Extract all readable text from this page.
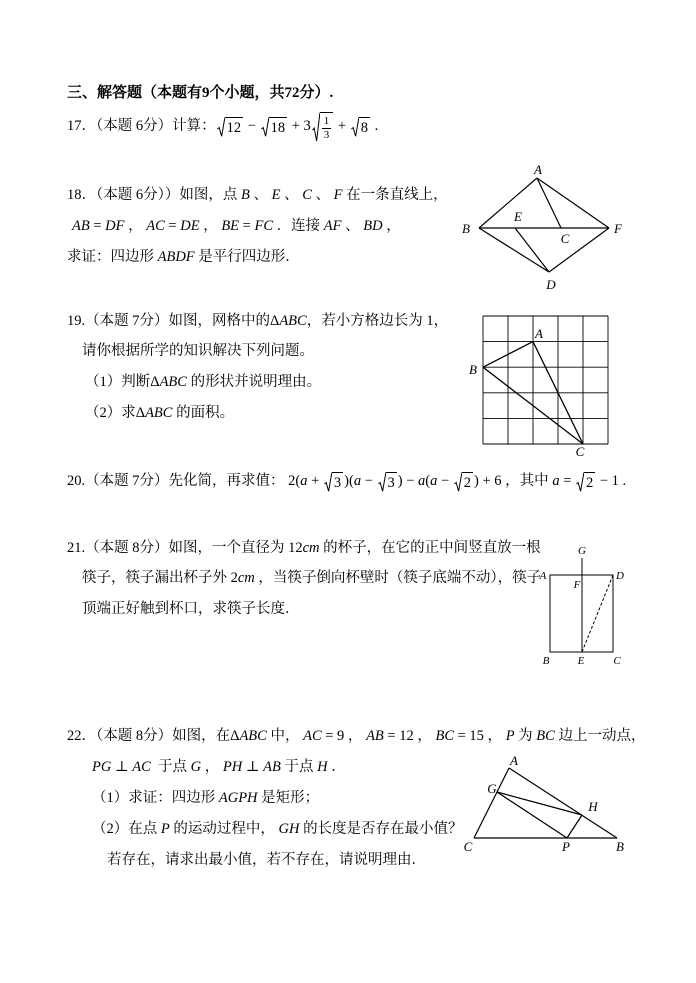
三、解答题（本题有9个小题，共72分）.
17．（本题 6分）计算： $12 - 18 + 3 \frac{1}{3} + 8$ .
18．（本题 6分））如图，点 B 、 E 、 C 、 F 在一条直线上，
AB = DF ， AC = DE ， BE = FC ．连接 AF 、 BD ，
求证：四边形 ABDF 是平行四边形．
A
B
E
C
F
D
19.（本题 7分）如图，网格中的Δ ABC ，若小方格边长为 1，
请你根据所学的知识解决下列问题。
（1）判断Δ ABC 的形状并说明理由。
（2）求Δ ABC 的面积。
A
B
C
20.（本题 7分）先化简，再求值： 2( a + 3 )( a − 3 ) − a ( a − 2 ) + 6 ，其中 a = 2 − 1 .
21.（本题 8分）如图，一个直径为 12 cm 的杯子，在它的正中间竖直放一根
筷子，筷子漏出杯子外 2 cm ，当筷子倒向杯壁时（筷子底端不动），筷子
顶端正好触到杯口，求筷子长度．
G
A	D
F
B	E	C
22．（本题 8分）如图，在Δ ABC 中， AC = 9 ， AB = 12 ， BC = 15 ， P 为 BC 边上一动点，
PG ⊥ AC 于点 G ， PH ⊥ AB 于点 H ．
（1）求证：四边形 AGPH 是矩形；
（2）在点 P 的运动过程中， GH 的长度是否存在最小值？
若存在，请求出最小值，若不存在，请说明理由．
A
G
H
C	P	B
